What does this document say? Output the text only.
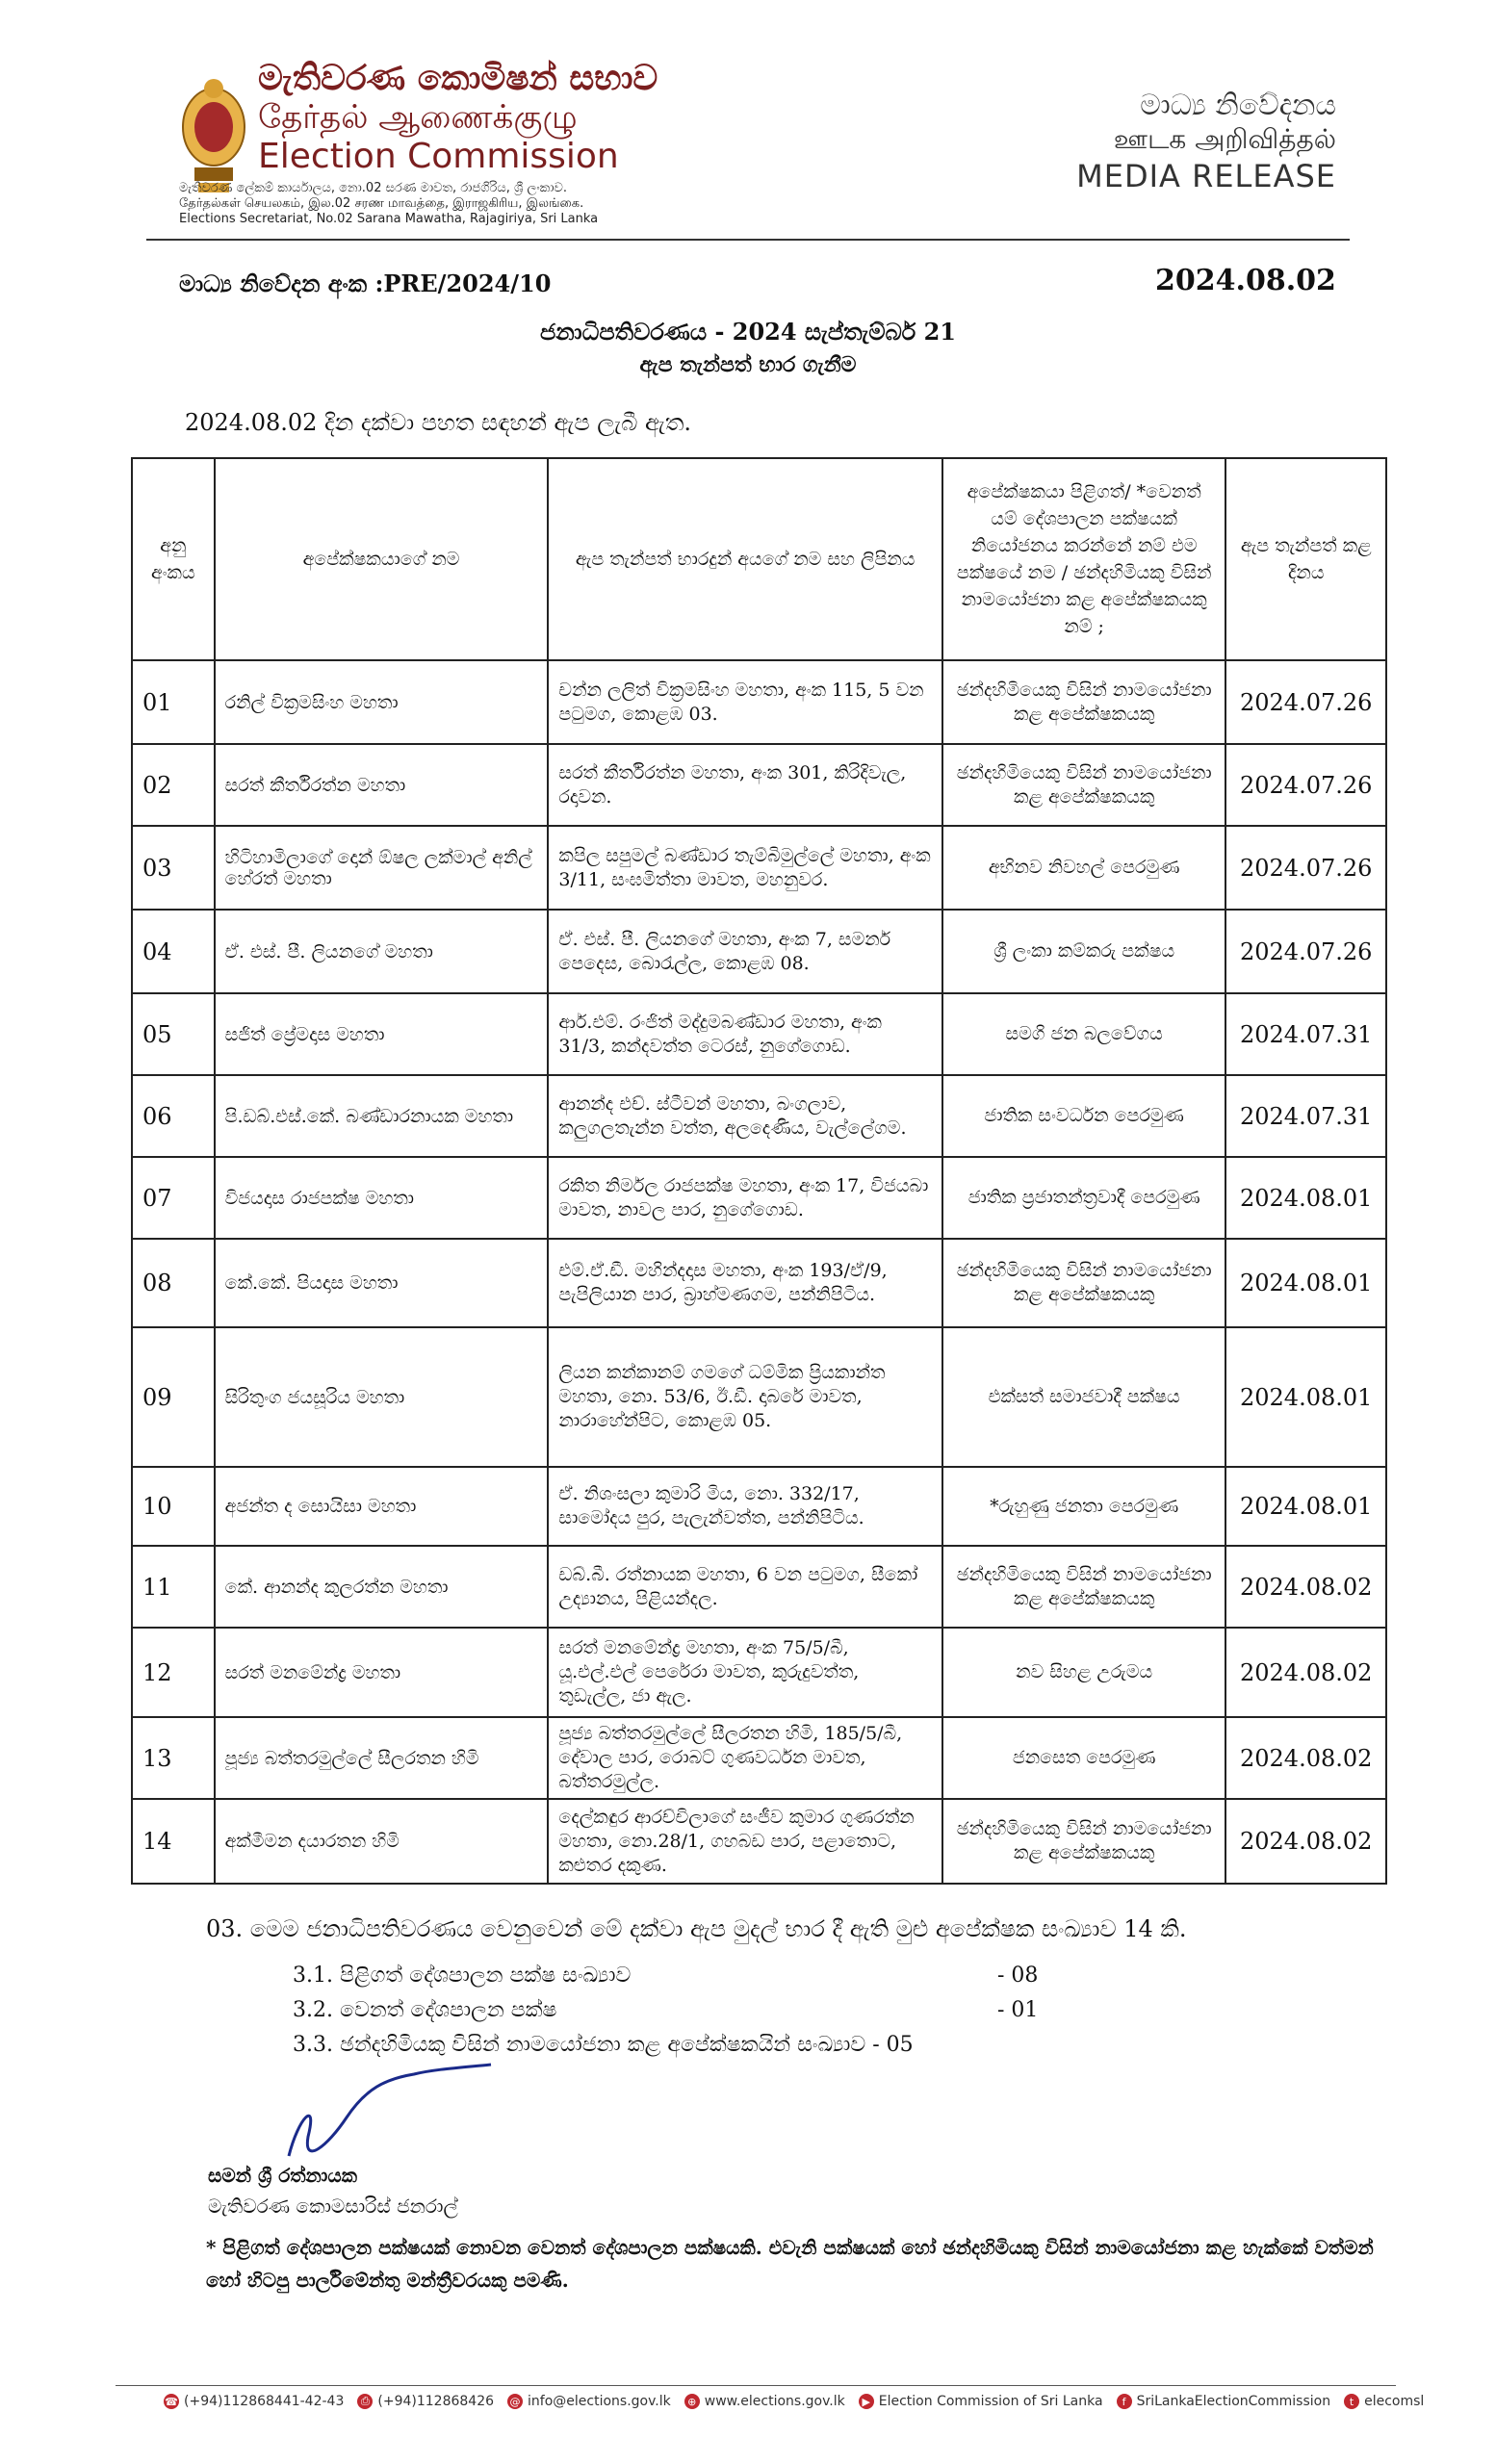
මැතිවරණ කොමිෂන් සභාව
தேர்தல் ஆணைக்குழு
Election Commission
මැතිවරණ ලේකම් කාර්යාලය, නො.02 සරණ මාවත, රාජගිරිය, ශ්‍රී ලංකාව. தேர்தல்கள் செயலகம், இல.02 சரண மாவத்தை, இராஜகிரிய, இலங்கை.
Elections Secretariat, No.02 Sarana Mawatha, Rajagiriya, Sri Lanka
මාධ්‍ය නිවේදනය
ஊடக அறிவித்தல்
MEDIA RELEASE
මාධ්‍ය නිවේදන අංක :PRE/2024/10	2024.08.02
ජනාධිපතිවරණය - 2024 සැප්තැම්බර් 21
ඇප තැන්පත් භාර ගැනීම
2024.08.02 දින දක්වා පහත සඳහන් ඇප ලැබී ඇත.
අනු අංකය	අපේක්ෂකයාගේ නම	ඇප තැන්පත් භාරදුන් අයගේ නම සහ ලිපිනය	අපේක්ෂකයා පිළිගත්/ *වෙනත් යම් දේශපාලන පක්ෂයක් නියෝජනය කරන්නේ නම් එම පක්ෂයේ නම / ඡන්දහිමියකු විසින් නාමයෝජනා කළ අපේක්ෂකයකු නම් ;	ඇප තැන්පත් කළ දිනය
01	රනිල් වික්‍රමසිංහ මහතා	චන්න ලලිත් වික්‍රමසිංහ මහතා, අංක 115, 5 වන පටුමග, කොළඹ 03.	ඡන්දහිමියෙකු විසින් නාමයෝජනා කළ අපේක්ෂකයකු	2024.07.26
02	සරත් කීර්තිරත්න මහතා	සරත් කීර්තිරත්න මහතා, අංක 301, කිරිදිවැල, රදාවන.	ඡන්දහිමියෙකු විසින් නාමයෝජනා කළ අපේක්ෂකයකු	2024.07.26
03	හිටිහාමිලාගේ දොන් ඕෂල ලක්මාල් අනිල් හේරත් මහතා	කපිල සපුමල් බණ්ඩාර තැම්බිමුල්ලේ මහතා, අංක 3/11, සංඝමිත්තා මාවත, මහනුවර.	අභිනව නිවහල් පෙරමුණ	2024.07.26
04	ඒ. එස්. පී. ලියනගේ මහතා	ඒ. එස්. පී. ලියනගේ මහතා, අංක 7, සමනර් පෙදෙස, බොරැල්ල, කොළඹ 08.	ශ්‍රී ලංකා කම්කරු පක්ෂය	2024.07.26
05	සජිත් ප්‍රේමදාස මහතා	ආර්.එම්. රංජිත් මද්දුමබණ්ඩාර මහතා, අංක 31/3, කන්දවත්ත ටෙරස්, නුගේගොඩ.	සමගි ජන බලවේගය	2024.07.31
06	පි.ඩබ්.එස්.කේ. බණ්ඩාරනායක මහතා	ආනන්ද එච්. ස්ටීවන් මහතා, බංගලාව, කලුගලතැන්න වත්ත, අලදෙණිය, වැල්ලේගම.	ජාතික සංවර්ධන පෙරමුණ	2024.07.31
07	විජයදාස රාජපක්ෂ මහතා	රකිත නිර්මල රාජපක්ෂ මහතා, අංක 17, විජයබා මාවත, නාවල පාර, නුගේගොඩ.	ජාතික ප්‍රජාතන්ත්‍රවාදී පෙරමුණ	2024.08.01
08	කේ.කේ. පියදාස මහතා	එම්.ඒ.ඩී. මහින්දදාස මහතා, අංක 193/ඒ/9, පැපිලියාන පාර, බ්‍රාහ්මණගම, පන්නිපිටිය.	ඡන්දහිමියෙකු විසින් නාමයෝජනා කළ අපේක්ෂකයකු	2024.08.01
09	සිරිතුංග ජයසූරිය මහතා	ලියන කන්කානම් ගමගේ ධම්මික ප්‍රියකාන්ත මහතා, නො. 53/6, ඊ.ඩී. දාබරේ මාවත, නාරාහේන්පිට, කොළඹ 05.	එක්සත් සමාජවාදී පක්ෂය	2024.08.01
10	අජන්ත ද සොයිසා මහතා	ඒ. නිශංසලා කුමාරි මිය, නො. 332/17, සාමෝදය පුර, පැලැන්වත්ත, පන්නිපිටිය.	*රුහුණු ජනතා පෙරමුණ	2024.08.01
11	කේ. ආනන්ද කුලරත්න මහතා	ඩබ්.බී. රත්නායක මහතා, 6 වන පටුමග, සීකෝ උද්‍යානය, පිළියන්දල.	ඡන්දහිමියෙකු විසින් නාමයෝජනා කළ අපේක්ෂකයකු	2024.08.02
12	සරත් මනමේන්ද්‍ර මහතා	සරත් මනමේන්ද්‍ර මහතා, අංක 75/5/බී, යූ.එල්.එල් පෙරේරා මාවත, කුරුදුවත්ත, තුඩැල්ල, ජා ඇල.	නව සිහළ උරුමය	2024.08.02
13	පූජ්‍ය බත්තරමුල්ලේ සීලරතන හිමි	පූජ්‍ය බත්තරමුල්ලේ සීලරතන හිමි, 185/5/බී, දේවාල පාර, රොබට් ගුණවර්ධන මාවත, බත්තරමුල්ල.	ජනසෙත පෙරමුණ	2024.08.02
14	අක්මීමන දයාරතන හිමි	දෙල්කඳුර ආරච්චිලාගේ සංජීව කුමාර ගුණරත්න මහතා, නො.28/1, ගහබඩ පාර, පළාතොට, කළුතර දකුණ.	ඡන්දහිමියෙකු විසින් නාමයෝජනා කළ අපේක්ෂකයකු	2024.08.02
03. මෙම ජනාධිපතිවරණය වෙනුවෙන් මේ දක්වා ඇප මුදල් භාර දී ඇති මුළු අපේක්ෂක සංඛ්‍යාව 14 කි.
3.1. පිළිගත් දේශපාලන පක්ෂ සංඛ්‍යාව	- 08
3.2. වෙනත් දේශපාලන පක්ෂ	- 01
3.3. ඡන්දහිමියකු විසින් නාමයෝජනා කළ අපේක්ෂකයින් සංඛ්‍යාව - 05
සමන් ශ්‍රී රත්නායක
මැතිවරණ කොමසාරිස් ජනරාල්
* පිළිගත් දේශපාලන පක්ෂයක් නොවන වෙනත් දේශපාලන පක්ෂයකි. එවැනි පක්ෂයක් හෝ ඡන්දහිමියකු විසින් නාමයෝජනා කළ හැක්කේ වත්මන් හෝ හිටපු පාර්ලිමේන්තු මන්ත්‍රීවරයකු පමණි.
☎ (+94)112868441-42-43	⎙ (+94)112868426 @ info@elections.gov.lk	⊕ www.elections.gov.lk	▶ Election Commission of Sri Lanka	f SriLankaElectionCommission	t elecomsl
